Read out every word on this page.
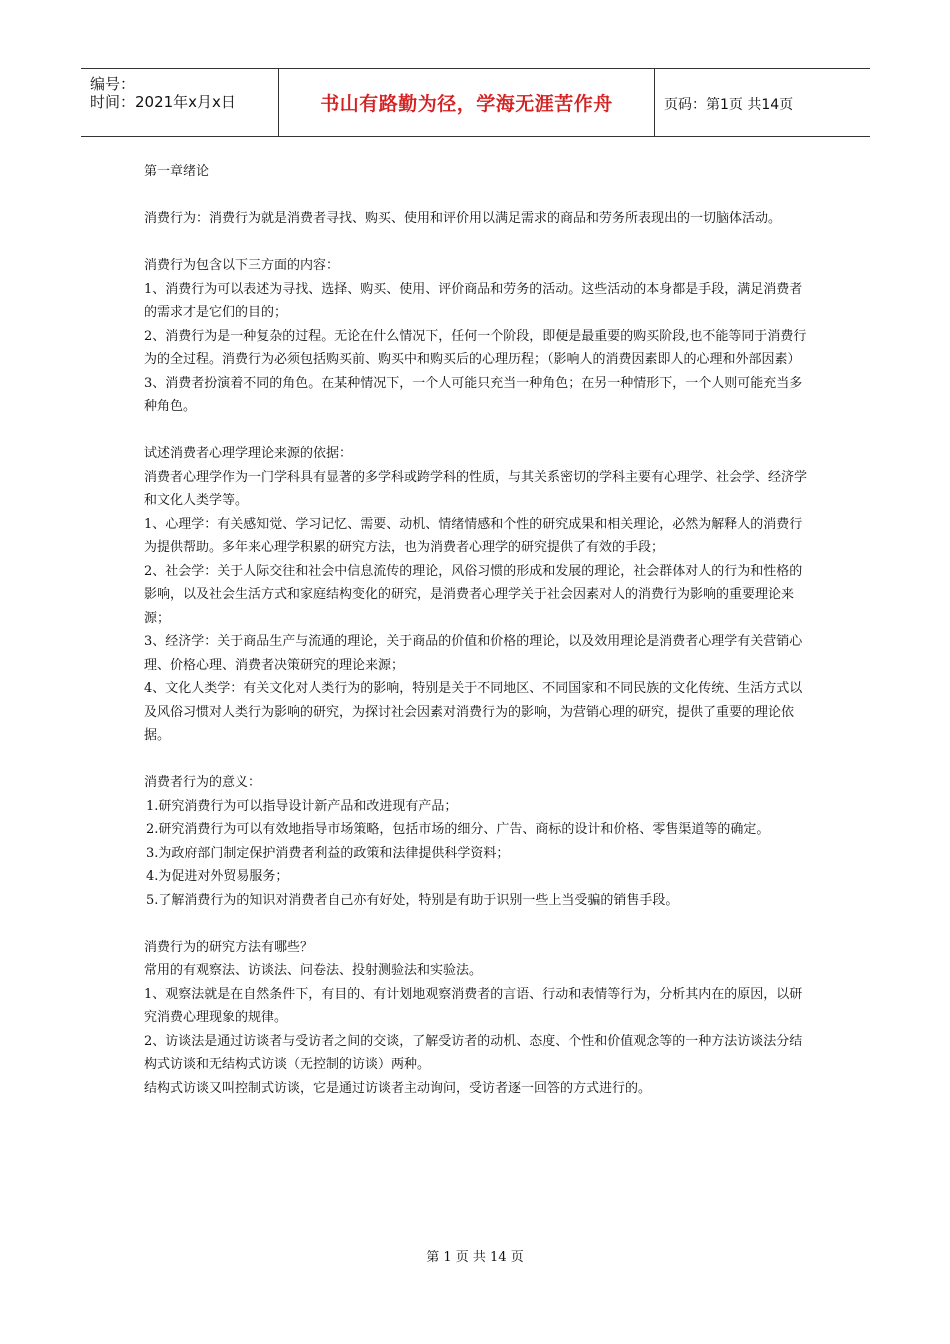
编号：
时间：2021年x月x日	书山有路勤为径，学海无涯苦作舟	页码：第1页 共14页

第一章绪论

消费行为：消费行为就是消费者寻找、购买、使用和评价用以满足需求的商品和劳务所表现出的一切脑体活动。

消费行为包含以下三方面的内容：

1、消费行为可以表述为寻找、选择、购买、使用、评价商品和劳务的活动。这些活动的本身都是手段，满足消费者的需求才是它们的目的；

2、消费行为是一种复杂的过程。无论在什么情况下，任何一个阶段，即便是最重要的购买阶段,也不能等同于消费行为的全过程。消费行为必须包括购买前、购买中和购买后的心理历程；（影响人的消费因素即人的心理和外部因素）

3、消费者扮演着不同的角色。在某种情况下，一个人可能只充当一种角色；在另一种情形下，一个人则可能充当多种角色。

试述消费者心理学理论来源的依据：

消费者心理学作为一门学科具有显著的多学科或跨学科的性质，与其关系密切的学科主要有心理学、社会学、经济学和文化人类学等。

1、心理学：有关感知觉、学习记忆、需要、动机、情绪情感和个性的研究成果和相关理论，必然为解释人的消费行为提供帮助。多年来心理学积累的研究方法，也为消费者心理学的研究提供了有效的手段；

2、社会学：关于人际交往和社会中信息流传的理论，风俗习惯的形成和发展的理论，社会群体对人的行为和性格的影响，以及社会生活方式和家庭结构变化的研究，是消费者心理学关于社会因素对人的消费行为影响的重要理论来源；

3、经济学：关于商品生产与流通的理论，关于商品的价值和价格的理论，以及效用理论是消费者心理学有关营销心理、价格心理、消费者决策研究的理论来源；

4、文化人类学：有关文化对人类行为的影响，特别是关于不同地区、不同国家和不同民族的文化传统、生活方式以及风俗习惯对人类行为影响的研究，为探讨社会因素对消费行为的影响，为营销心理的研究，提供了重要的理论依据。

消费者行为的意义：

1.研究消费行为可以指导设计新产品和改进现有产品；

2.研究消费行为可以有效地指导市场策略，包括市场的细分、广告、商标的设计和价格、零售渠道等的确定。

3.为政府部门制定保护消费者利益的政策和法律提供科学资料；

4.为促进对外贸易服务；

5.了解消费行为的知识对消费者自己亦有好处，特别是有助于识别一些上当受骗的销售手段。

消费行为的研究方法有哪些？

常用的有观察法、访谈法、问卷法、投射测验法和实验法。

1、观察法就是在自然条件下，有目的、有计划地观察消费者的言语、行动和表情等行为，分析其内在的原因，以研究消费心理现象的规律。

2、访谈法是通过访谈者与受访者之间的交谈，了解受访者的动机、态度、个性和价值观念等的一种方法访谈法分结构式访谈和无结构式访谈（无控制的访谈）两种。

结构式访谈又叫控制式访谈，它是通过访谈者主动询问，受访者逐一回答的方式进行的。

第 1 页 共 14 页
